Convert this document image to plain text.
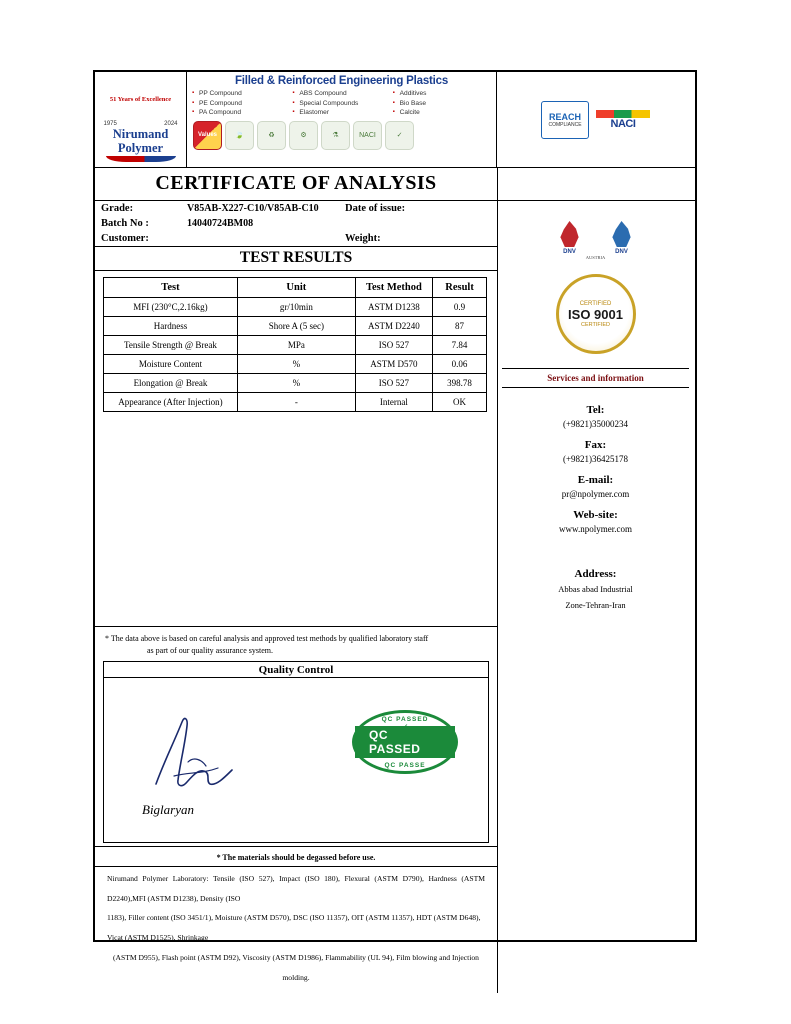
51 Years of Excellence
1975	2024
Nirumand
Polymer
Filled & Reinforced Engineering Plastics
▪ PP Compound
▪ PE Compound
▪ PA Compound
▪ ABS Compound
▪ Special Compounds
▪ Elastomer
▪ Additives
▪ Bio Base
▪ Calcite
Values	🍃	♻	⚙	⚗	NACI	✓
REACH
COMPLIANCE	NACI
CERTIFICATE OF ANALYSIS
Grade:	V85AB-X227-C10/V85AB-C10	Date of issue:
Batch No :	14040724BM08
Customer:	Weight:
TEST RESULTS
Test	Unit	Test Method	Result
MFI (230°C,2.16kg)	gr/10min	ASTM D1238	0.9
Hardness	Shore A (5 sec)	ASTM D2240	87
Tensile Strength @ Break	MPa	ISO 527	7.84
Moisture Content	%	ASTM D570	0.06
Elongation @ Break	%	ISO 527	398.78
Appearance (After Injection)	-	Internal	OK
* The data above is based on careful analysis and approved test methods by qualified laboratory staff
as part of our quality assurance system.
Quality Control
Biglaryan
QC PASSED
✓
QC PASSED
QC PASSE
* The materials should be degassed before use.
Nirumand Polymer Laboratory: Tensile (ISO 527), Impact (ISO 180), Flexural (ASTM D790), Hardness (ASTM D2240),MFI (ASTM D1238), Density (ISO
1183), Filler content (ISO 3451/1), Moisture (ASTM D570), DSC (ISO 11357), OIT (ASTM 11357), HDT (ASTM D648), Vicat (ASTM D1525), Shrinkage
(ASTM D955), Flash point (ASTM D92), Viscosity (ASTM D1986), Flammability (UL 94), Film blowing and Injection molding.
DNV	DNV
AUSTRIA
CERTIFIED
ISO 9001
CERTIFIED
Services and information
Tel:
(+9821)35000234
Fax:
(+9821)36425178
E-mail:
pr@npolymer.com
Web-site:
www.npolymer.com
Address:
Abbas abad Industrial
Zone-Tehran-Iran
